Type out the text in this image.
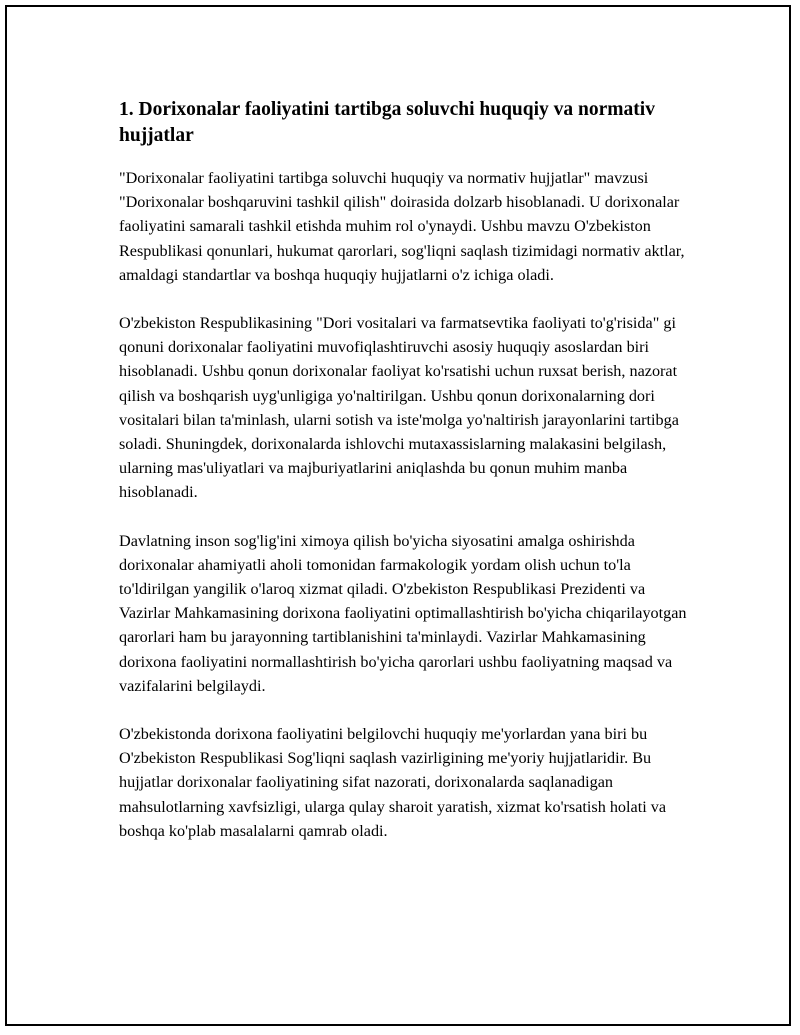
1. Dorixonalar faoliyatini tartibga soluvchi huquqiy va normativ hujjatlar

"Dorixonalar faoliyatini tartibga soluvchi huquqiy va normativ hujjatlar" mavzusi "Dorixonalar boshqaruvini tashkil qilish" doirasida dolzarb hisoblanadi. U dorixonalar faoliyatini samarali tashkil etishda muhim rol o'ynaydi. Ushbu mavzu O'zbekiston Respublikasi qonunlari, hukumat qarorlari, sog'liqni saqlash tizimidagi normativ aktlar, amaldagi standartlar va boshqa huquqiy hujjatlarni o'z ichiga oladi.

O'zbekiston Respublikasining "Dori vositalari va farmatsevtika faoliyati to'g'risida" gi qonuni dorixonalar faoliyatini muvofiqlashtiruvchi asosiy huquqiy asoslardan biri hisoblanadi. Ushbu qonun dorixonalar faoliyat ko'rsatishi uchun ruxsat berish, nazorat qilish va boshqarish uyg'unligiga yo'naltirilgan. Ushbu qonun dorixonalarning dori vositalari bilan ta'minlash, ularni sotish va iste'molga yo'naltirish jarayonlarini tartibga soladi. Shuningdek, dorixonalarda ishlovchi mutaxassislarning malakasini belgilash, ularning mas'uliyatlari va majburiyatlarini aniqlashda bu qonun muhim manba hisoblanadi.

Davlatning inson sog'lig'ini ximoya qilish bo'yicha siyosatini amalga oshirishda dorixonalar ahamiyatli aholi tomonidan farmakologik yordam olish uchun to'la to'ldirilgan yangilik o'laroq xizmat qiladi. O'zbekiston Respublikasi Prezidenti va Vazirlar Mahkamasining dorixona faoliyatini optimallashtirish bo'yicha chiqarilayotgan qarorlari ham bu jarayonning tartiblanishini ta'minlaydi. Vazirlar Mahkamasining dorixona faoliyatini normallashtirish bo'yicha qarorlari ushbu faoliyatning maqsad va vazifalarini belgilaydi.

O'zbekistonda dorixona faoliyatini belgilovchi huquqiy me'yorlardan yana biri bu O'zbekiston Respublikasi Sog'liqni saqlash vazirligining me'yoriy hujjatlaridir. Bu hujjatlar dorixonalar faoliyatining sifat nazorati, dorixonalarda saqlanadigan mahsulotlarning xavfsizligi, ularga qulay sharoit yaratish, xizmat ko'rsatish holati va boshqa ko'plab masalalarni qamrab oladi.
